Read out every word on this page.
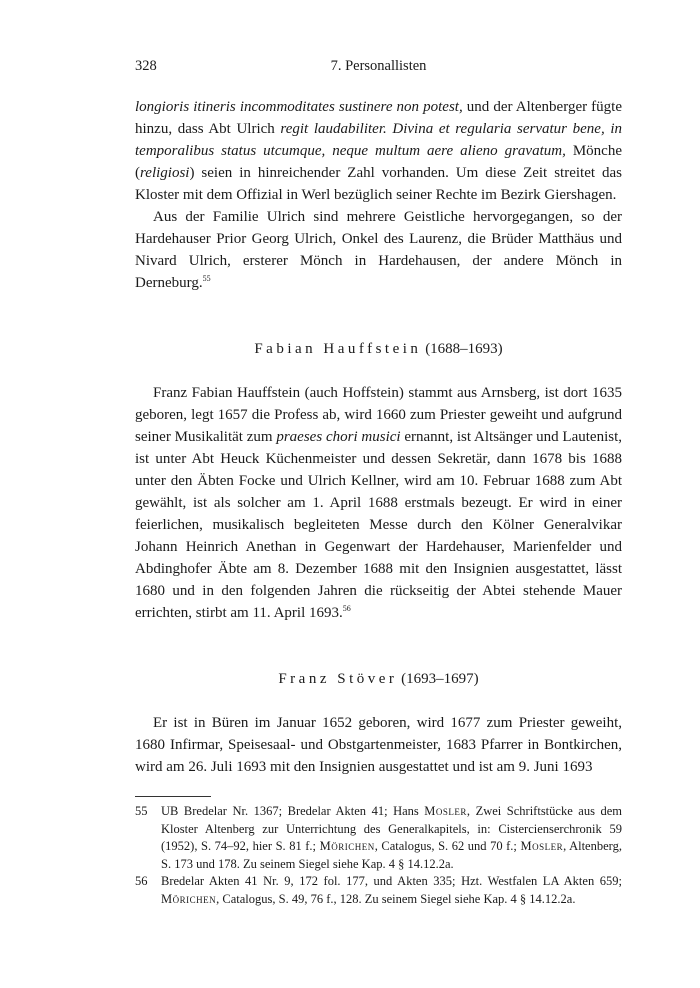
328	7. Personallisten

longioris itineris incommoditates sustinere non potest, und der Altenberger fügte hinzu, dass Abt Ulrich regit laudabiliter. Divina et regularia servatur bene, in temporalibus status utcumque, neque multum aere alieno gravatum, Mönche (religiosi) seien in hinreichender Zahl vorhanden. Um diese Zeit streitet das Kloster mit dem Offizial in Werl bezüglich seiner Rechte im Bezirk Giershagen.

Aus der Familie Ulrich sind mehrere Geistliche hervorgegangen, so der Hardehauser Prior Georg Ulrich, Onkel des Laurenz, die Brüder Matthäus und Nivard Ulrich, ersterer Mönch in Hardehausen, der andere Mönch in Derneburg.$^{55}$

Fabian Hauffstein (1688–1693)

Franz Fabian Hauffstein (auch Hoffstein) stammt aus Arnsberg, ist dort 1635 geboren, legt 1657 die Profess ab, wird 1660 zum Priester geweiht und aufgrund seiner Musikalität zum praeses chori musici ernannt, ist Altsänger und Lautenist, ist unter Abt Heuck Küchenmeister und dessen Sekretär, dann 1678 bis 1688 unter den Äbten Focke und Ulrich Kellner, wird am 10. Februar 1688 zum Abt gewählt, ist als solcher am 1. April 1688 erstmals bezeugt. Er wird in einer feierlichen, musikalisch begleiteten Messe durch den Kölner Generalvikar Johann Heinrich Anethan in Gegenwart der Hardehauser, Marienfelder und Abdinghofer Äbte am 8. Dezember 1688 mit den Insignien ausgestattet, lässt 1680 und in den folgenden Jahren die rückseitig der Abtei stehende Mauer errichten, stirbt am 11. April 1693.56

Franz Stöver (1693–1697)

Er ist in Büren im Januar 1652 geboren, wird 1677 zum Priester geweiht, 1680 Infirmar, Speisesaal- und Obstgartenmeister, 1683 Pfarrer in Bontkirchen, wird am 26. Juli 1693 mit den Insignien ausgestattet und ist am 9. Juni 1693

55	UB Bredelar Nr. 1367; Bredelar Akten 41; Hans Mosler, Zwei Schriftstücke aus dem Kloster Altenberg zur Unterrichtung des Generalkapitels, in: Cistercienserchronik 59 (1952), S. 74–92, hier S. 81 f.; Mörichen, Catalogus, S. 62 und 70 f.; Mosler, Altenberg, S. 173 und 178. Zu seinem Siegel siehe Kap. 4 § 14.12.2a.
56	Bredelar Akten 41 Nr. 9, 172 fol. 177, und Akten 335; Hzt. Westfalen LA Akten 659; Mörichen, Catalogus, S. 49, 76 f., 128. Zu seinem Siegel siehe Kap. 4 § 14.12.2a.
